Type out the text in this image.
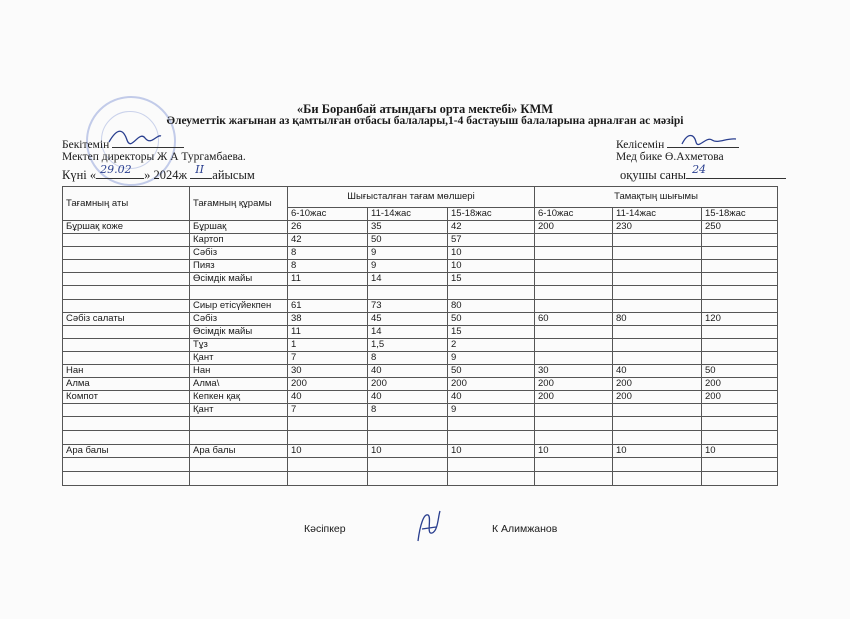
«Би Боранбай атындағы орта мектебі» КММ
Әлеуметтік жағынан аз қамтылған отбасы балалары,1-4 бастауыш балаларына арналған ас мәзірі
Бекітемін
Мектеп директоры Ж А Тургамбаева.
Күні « 29.02 » 2024ж II айысым
Келісемін
Мед бике Ө.Ахметова
оқушы саны 24
Тағамның аты	Тағамның құрамы	Шығысталған тағам мөлшері			Тамақтың шығымы		
		6-10жас	11-14жас	15-18жас	6-10жас	11-14жас	15-18жас
Бұршақ коже	Бұршақ	26	35	42	200	230	250
	Картоп	42	50	57			
	Сәбіз	8	9	10			
	Пияз	8	9	10			
	Өсімдік майы	11	14	15			

	Сиыр етісүйекпен	61	73	80			
Сәбіз салаты	Сәбіз	38	45	50	60	80	120
	Өсімдік майы	11	14	15			
	Тұз	1	1,5	2			
	Қант	7	8	9			
Нан	Нан	30	40	50	30	40	50
Алма	Алма\	200	200	200	200	200	200
Компот	Кепкен қақ	40	40	40	200	200	200
	Қант	7	8	9			

Ара балы	Ара балы	10	10	10	10	10	10

Кәсіпкер	К Алимжанов
